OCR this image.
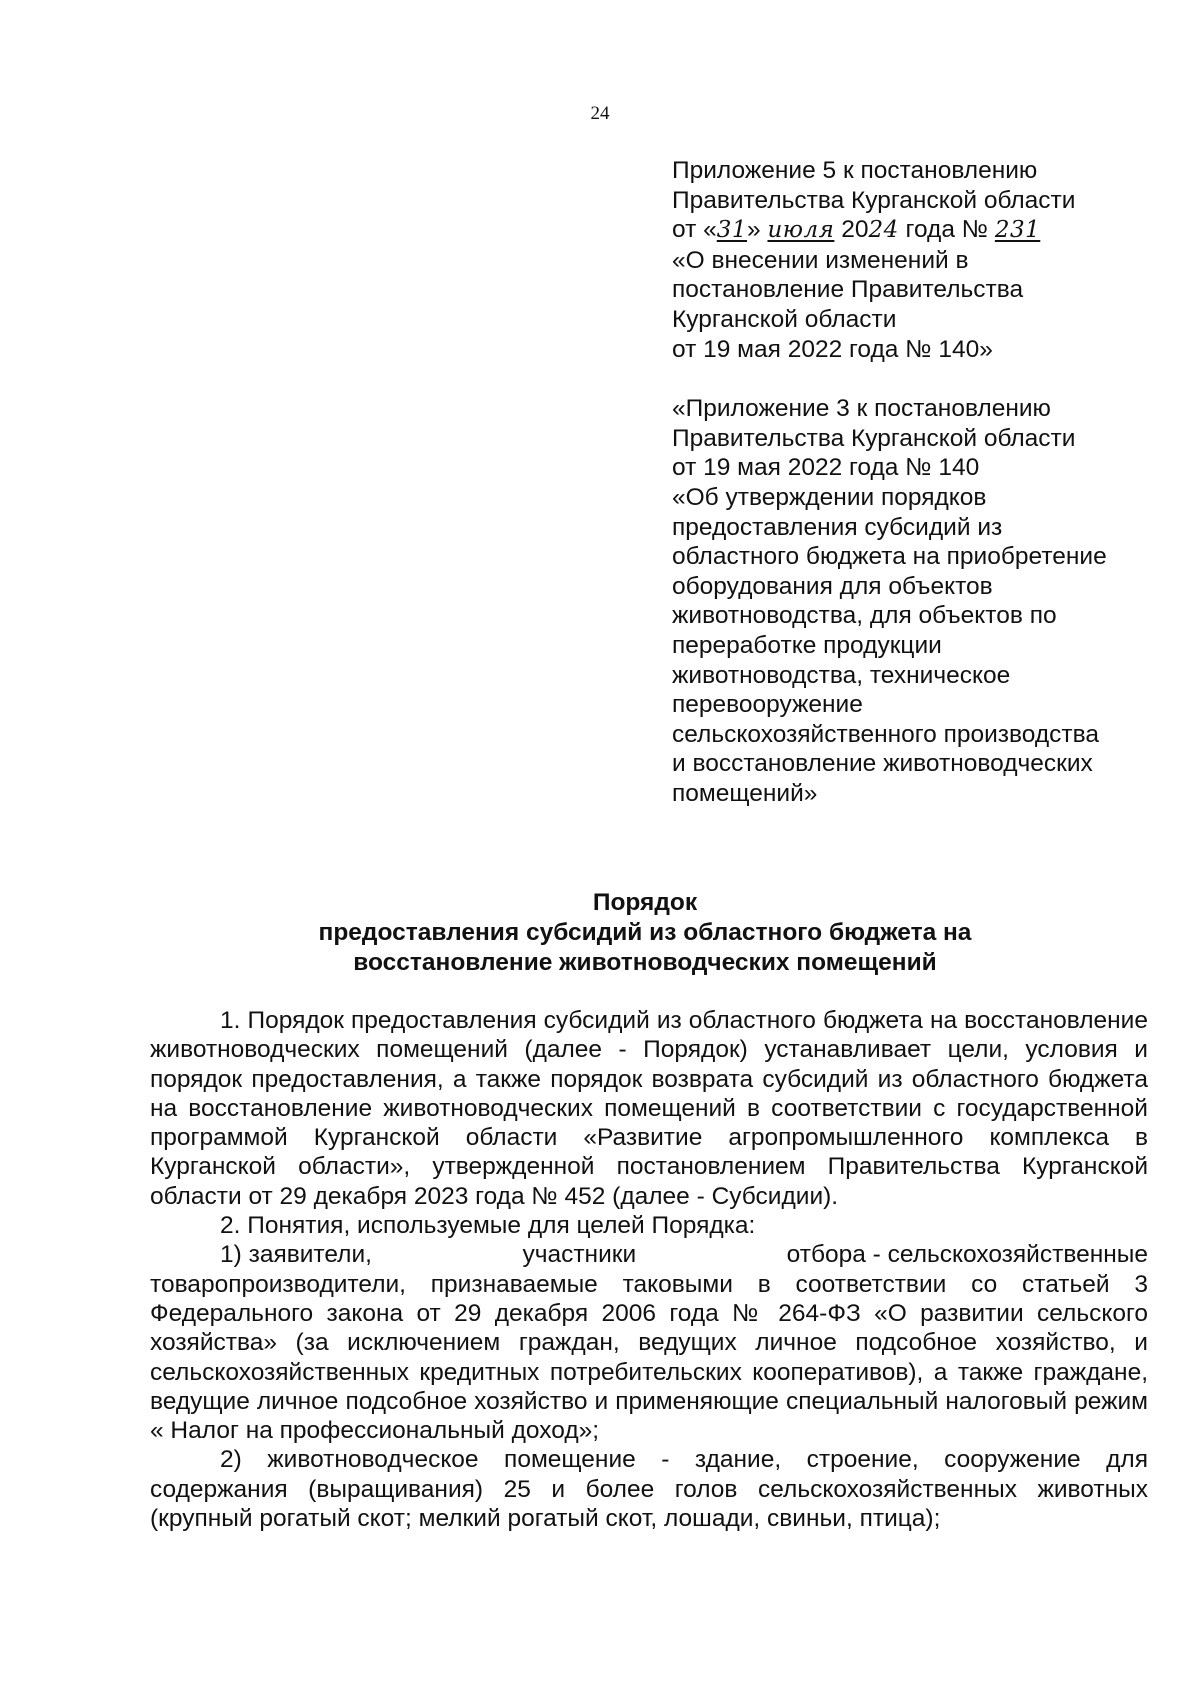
24
Приложение 5 к постановлению
Правительства Курганской области
от «31» июля 2024 года № 231
«О внесении изменений в
постановление Правительства
Курганской области
от 19 мая 2022 года № 140»
«Приложение 3 к постановлению
Правительства Курганской области
от 19 мая 2022 года № 140
«Об утверждении порядков
предоставления субсидий из
областного бюджета на приобретение
оборудования для объектов
животноводства, для объектов по
переработке продукции
животноводства, техническое
перевооружение
сельскохозяйственного производства
и восстановление животноводческих
помещений»
Порядок
предоставления субсидий из областного бюджета на
восстановление животноводческих помещений

1. Порядок предоставления субсидий из областного бюджета на восстановление животноводческих помещений (далее - Порядок) устанавливает цели, условия и порядок предоставления, а также порядок возврата субсидий из областного бюджета на восстановление животноводческих помещений в соответствии с государственной программой Курганской области «Развитие агропромышленного комплекса в Курганской области», утвержденной постановлением Правительства Курганской области от 29 декабря 2023 года № 452 (далее - Субсидии).

2. Понятия, используемые для целей Порядка:

1) заявители,	участники	отбора - сельскохозяйственные

товаропроизводители, признаваемые таковыми в соответствии со статьей 3 Федерального закона от 29 декабря 2006 года № 264-ФЗ «О развитии сельского хозяйства» (за исключением граждан, ведущих личное подсобное хозяйство, и сельскохозяйственных кредитных потребительских кооперативов), а также граждане, ведущие личное подсобное хозяйство и применяющие специальный налоговый режим « Налог на профессиональный доход»;

2) животноводческое помещение - здание, строение, сооружение для содержания (выращивания) 25 и более голов сельскохозяйственных животных (крупный рогатый скот; мелкий рогатый скот, лошади, свиньи, птица);
